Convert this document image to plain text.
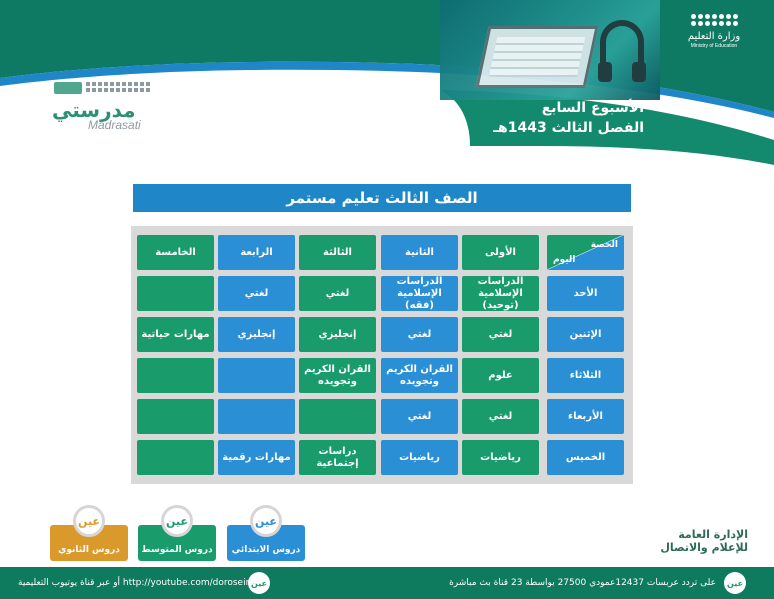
وزارة التعليم
Ministry of Education
الأسبوع السابع
الفصل الثالث 1443هـ
مدرستي
Madrasati
الصف الثالث تعليم مستمر
الحصة
اليوم
الأولى
الثانية
الثالثة
الرابعة
الخامسة
الأحد
الدراسات الإسلامية (توحيد)
الدراسات الإسلامية (فقه)
لغتي
لغتي
الإثنين
لغتي
لغتي
إنجليزي
إنجليزي
مهارات حياتية
الثلاثاء
علوم
القران الكريم وتجويده
القران الكريم وتجويده
الأربعاء
لغتي
لغتي
الخميس
رياضيات
رياضيات
دراسات إجتماعية
مهارات رقمية
عين
دروس الابتدائي
عين
دروس المتوسط
عين
دروس الثانوي
الإدارة العامة للإعلام والاتصال
عين
على تردد عربسات 12437عمودي 27500 بواسطة 23 قناة بث مباشرة
عين
أو عبر قناة يوتيوب التعليمية http://youtube.com/dorosein
